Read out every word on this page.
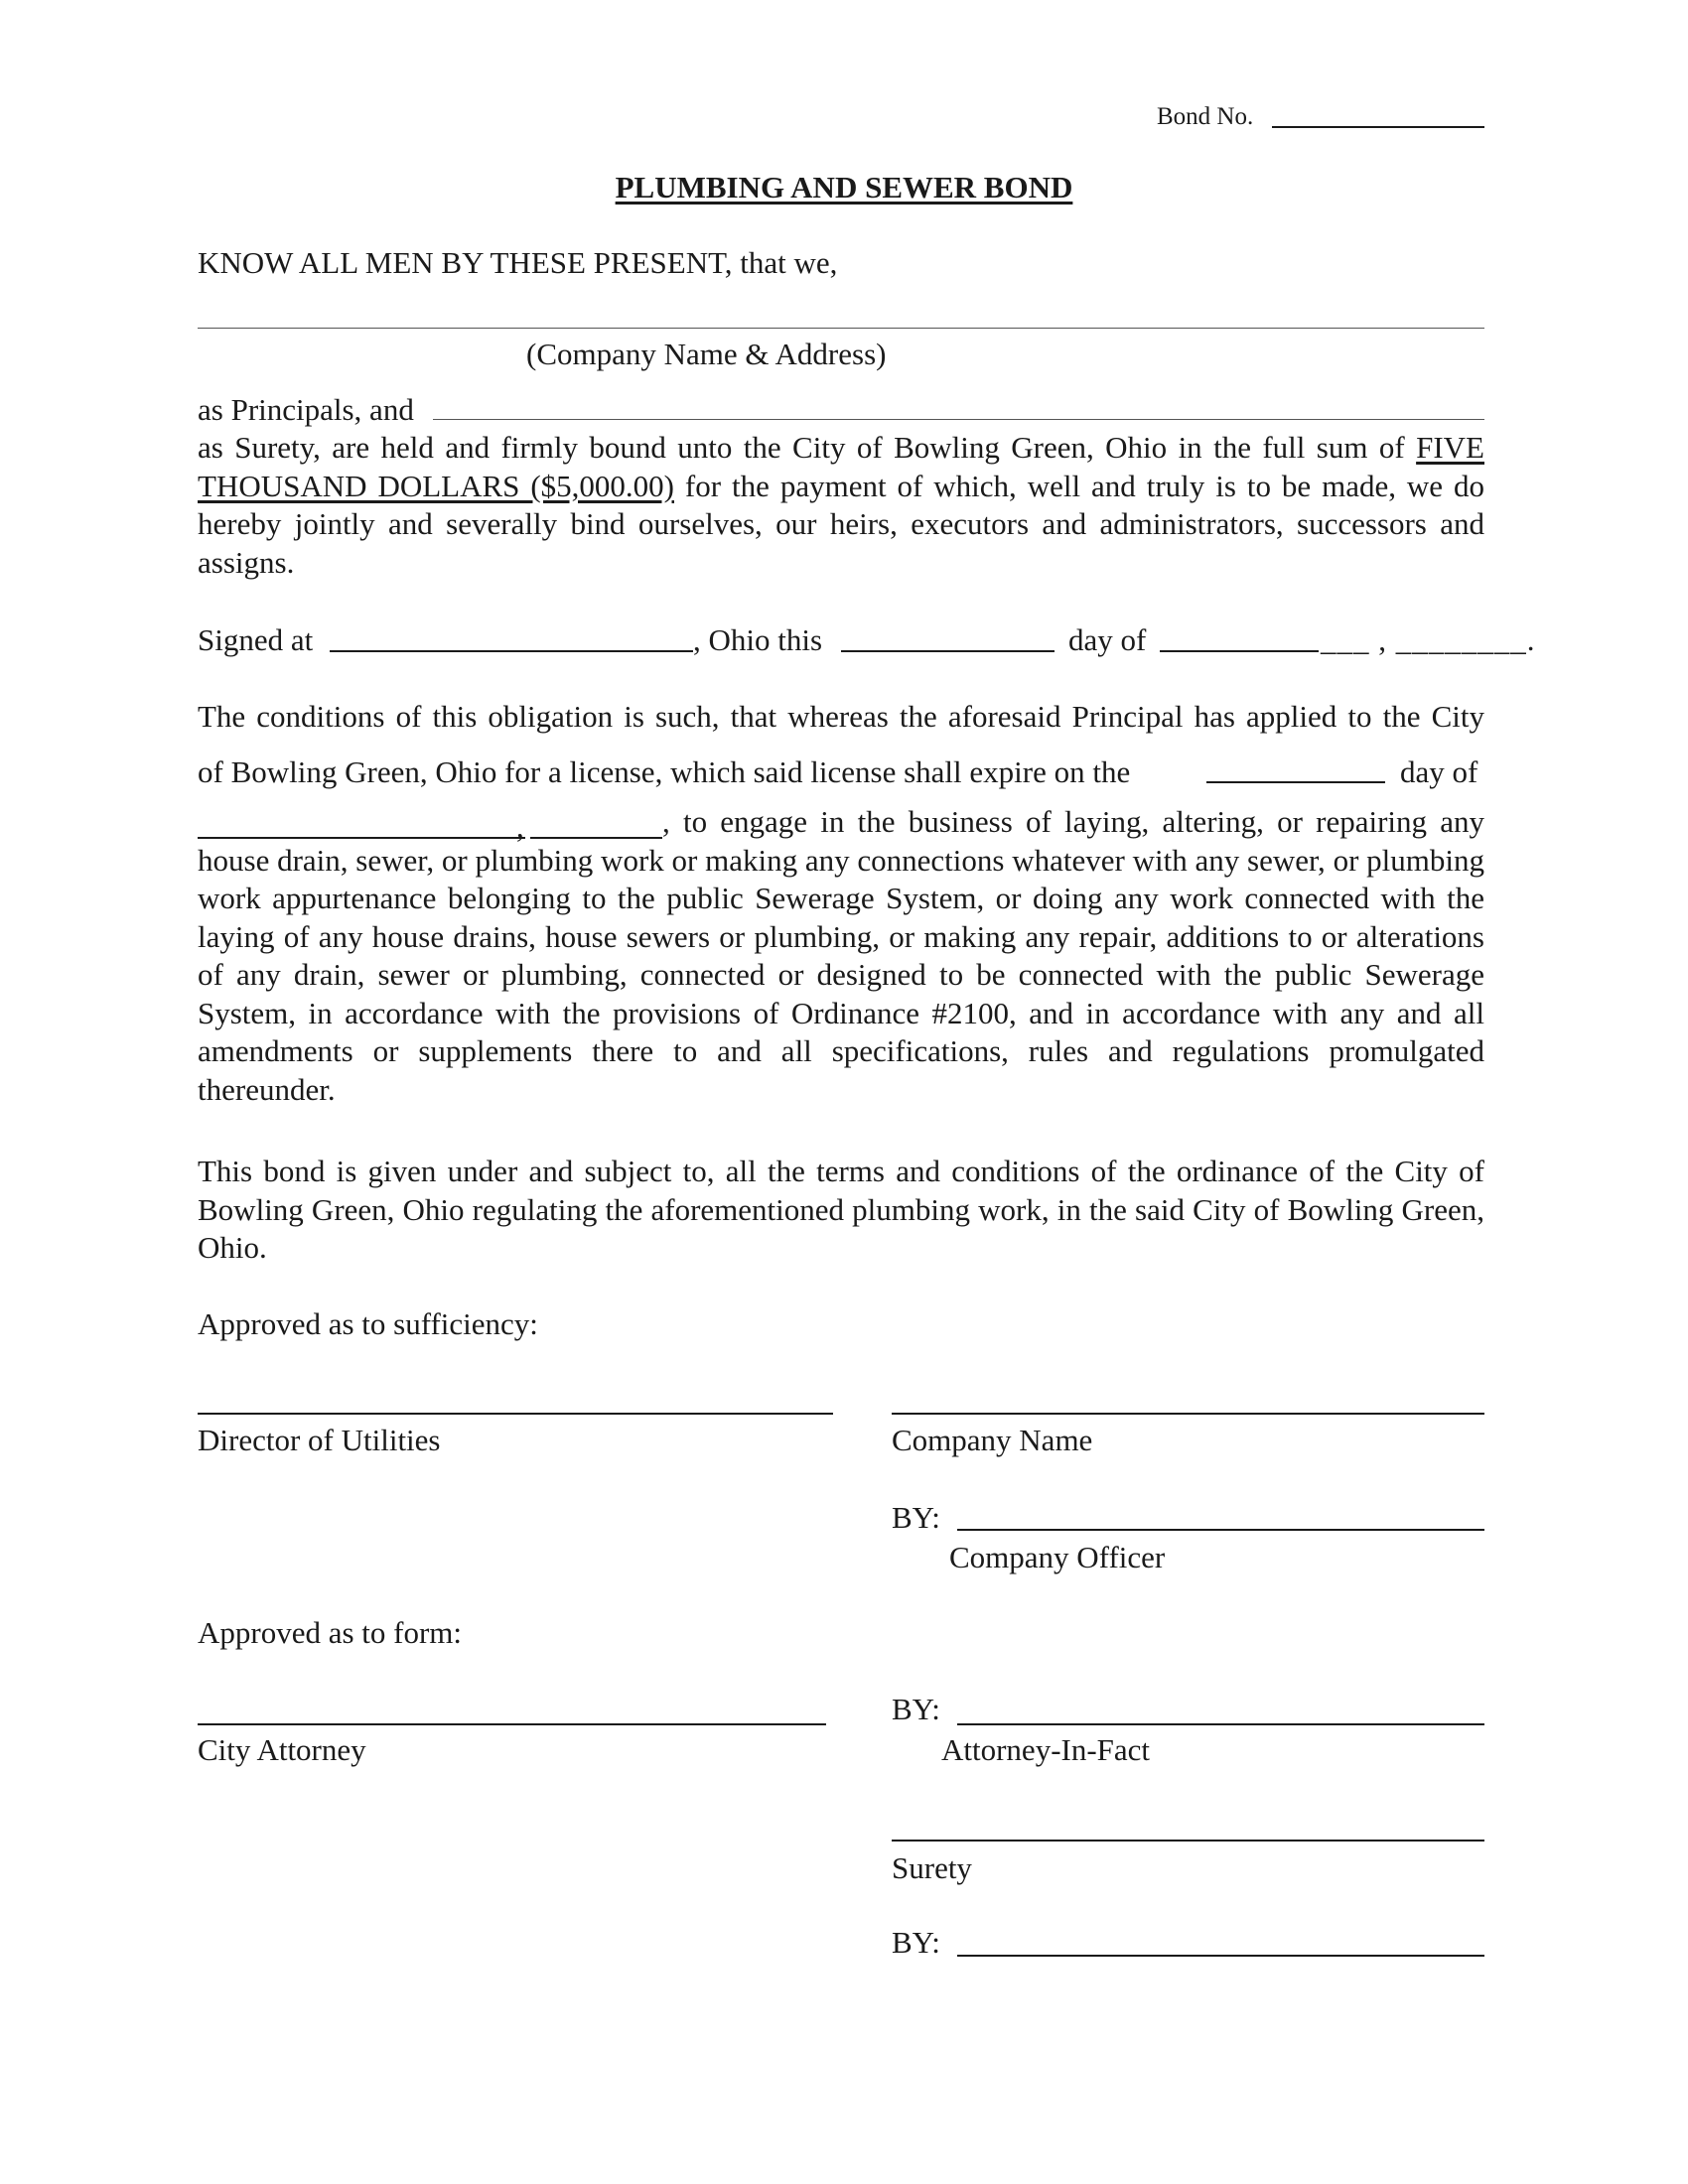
Bond No.
PLUMBING AND SEWER BOND
KNOW ALL MEN BY THESE PRESENT, that we,
(Company Name & Address)
as Principals, and
as Surety, are held and firmly bound unto the City of Bowling Green, Ohio in the full sum of FIVE THOUSAND DOLLARS ($5,000.00) for the payment of which, well and truly is to be made, we do hereby jointly and severally bind ourselves, our heirs, executors and administrators, successors and assigns.
Signed at	, Ohio this	day of	___ , ________.
The conditions of this obligation is such, that whereas the aforesaid Principal has applied to the City
of Bowling Green, Ohio for a license, which said license shall expire on the	day of
,	, to engage in the business of laying, altering, or repairing any house drain, sewer, or plumbing work or making any connections whatever with any sewer, or plumbing work appurtenance belonging to the public Sewerage System, or doing any work connected with the laying of any house drains, house sewers or plumbing, or making any repair, additions to or alterations of any drain, sewer or plumbing, connected or designed to be connected with the public Sewerage System, in accordance with the provisions of Ordinance #2100, and in accordance with any and all amendments or supplements there to and all specifications, rules and regulations promulgated thereunder.
This bond is given under and subject to, all the terms and conditions of the ordinance of the City of Bowling Green, Ohio regulating the aforementioned plumbing work, in the said City of Bowling Green, Ohio.
Approved as to sufficiency:
Director of Utilities	Company Name
BY:
Company Officer
Approved as to form:
City Attorney
BY:
Attorney-In-Fact
Surety
BY:
